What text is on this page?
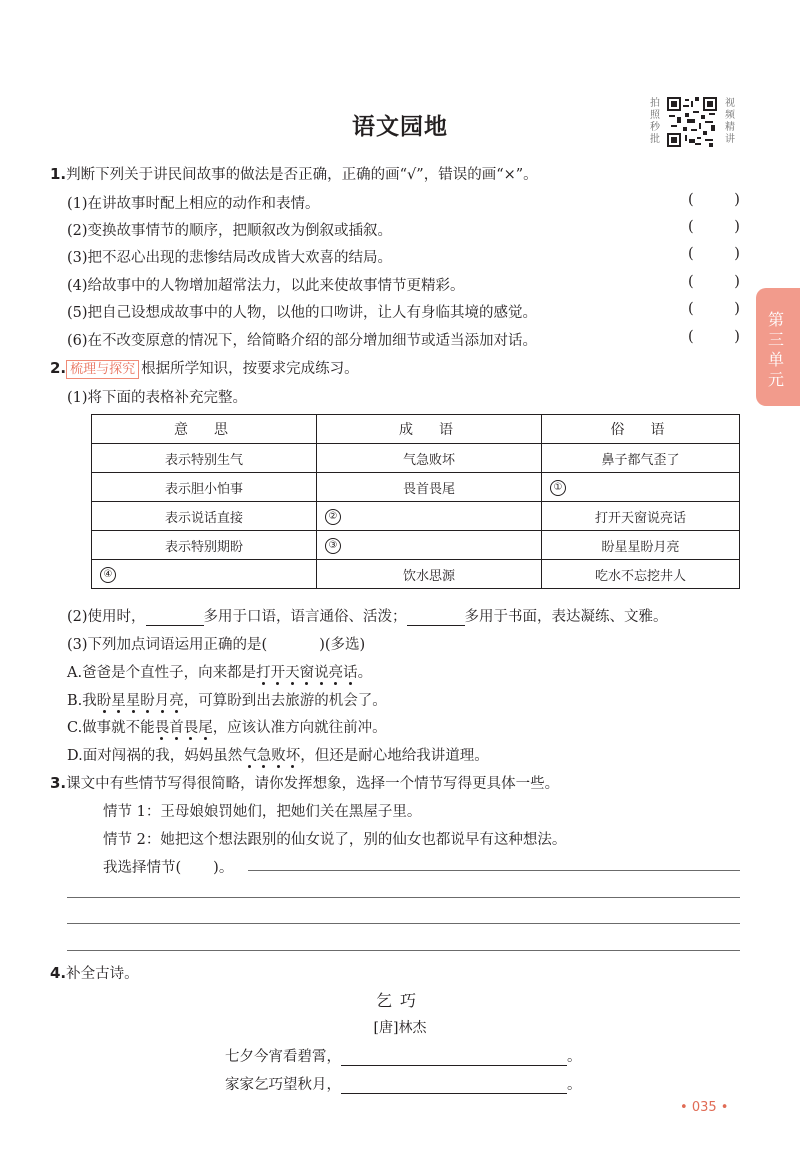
语文园地
拍照秒批
视频精讲
第三单元
1.判断下列关于讲民间故事的做法是否正确，正确的画“√”，错误的画“×”。
(1)在讲故事时配上相应的动作和表情。	( )
(2)变换故事情节的顺序，把顺叙改为倒叙或插叙。	( )
(3)把不忍心出现的悲惨结局改成皆大欢喜的结局。	( )
(4)给故事中的人物增加超常法力，以此来使故事情节更精彩。	( )
(5)把自己设想成故事中的人物，以他的口吻讲，让人有身临其境的感觉。	( )
(6)在不改变原意的情况下，给简略介绍的部分增加细节或适当添加对话。	( )
2. 梳理与探究 根据所学知识，按要求完成练习。
(1)将下面的表格补充完整。
意　思	成　语	俗　语
表示特别生气	气急败坏	鼻子都气歪了
表示胆小怕事	畏首畏尾	①
表示说话直接	②	打开天窗说亮话
表示特别期盼	③	盼星星盼月亮
④	饮水思源	吃水不忘挖井人
(2)使用时，	多用于口语，语言通俗、活泼；	多用于书面，表达凝练、文雅。
(3)下列加点词语运用正确的是(	)(多选)
A.爸爸是个直性子，向来都是打开天窗说亮话。
B.我盼星星盼月亮，可算盼到出去旅游的机会了。
C.做事就不能畏首畏尾，应该认准方向就往前冲。
D.面对闯祸的我，妈妈虽然气急败坏，但还是耐心地给我讲道理。
3.课文中有些情节写得很简略，请你发挥想象，选择一个情节写得更具体一些。
情节 1：王母娘娘罚她们，把她们关在黑屋子里。
情节 2：她把这个想法跟别的仙女说了，别的仙女也都说早有这种想法。
我选择情节( )。
4.补全古诗。
乞巧
[唐]林杰
七夕今宵看碧霄，	。
家家乞巧望秋月，	。
• 035 •
